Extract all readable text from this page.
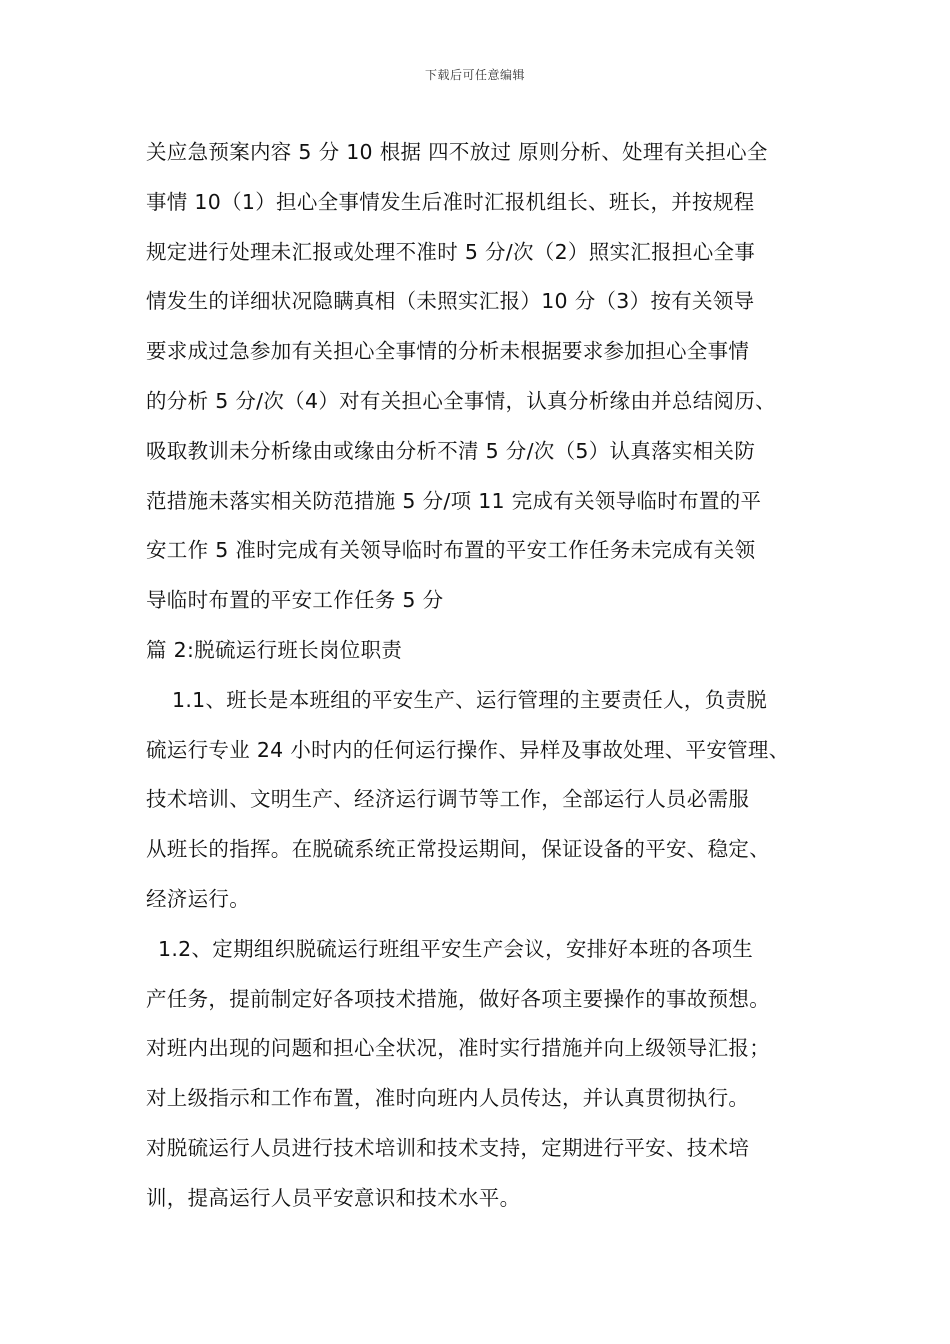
下载后可任意编辑
关应急预案内容 5 分 10 根据 四不放过 原则分析、处理有关担心全
事情 10（1）担心全事情发生后准时汇报机组长、班长，并按规程
规定进行处理未汇报或处理不准时 5 分/次（2）照实汇报担心全事
情发生的详细状况隐瞒真相（未照实汇报）10 分（3）按有关领导
要求成过急参加有关担心全事情的分析未根据要求参加担心全事情
的分析 5 分/次（4）对有关担心全事情，认真分析缘由并总结阅历、
吸取教训未分析缘由或缘由分析不清 5 分/次（5）认真落实相关防
范措施未落实相关防范措施 5 分/项 11 完成有关领导临时布置的平
安工作 5 准时完成有关领导临时布置的平安工作任务未完成有关领
导临时布置的平安工作任务 5 分
篇 2:脱硫运行班长岗位职责
1.1、班长是本班组的平安生产、运行管理的主要责任人，负责脱
硫运行专业 24 小时内的任何运行操作、异样及事故处理、平安管理、
技术培训、文明生产、经济运行调节等工作，全部运行人员必需服
从班长的指挥。在脱硫系统正常投运期间，保证设备的平安、稳定、
经济运行。
1.2、定期组织脱硫运行班组平安生产会议，安排好本班的各项生
产任务，提前制定好各项技术措施，做好各项主要操作的事故预想。
对班内出现的问题和担心全状况，准时实行措施并向上级领导汇报；
对上级指示和工作布置，准时向班内人员传达，并认真贯彻执行。
对脱硫运行人员进行技术培训和技术支持，定期进行平安、技术培
训，提高运行人员平安意识和技术水平。
